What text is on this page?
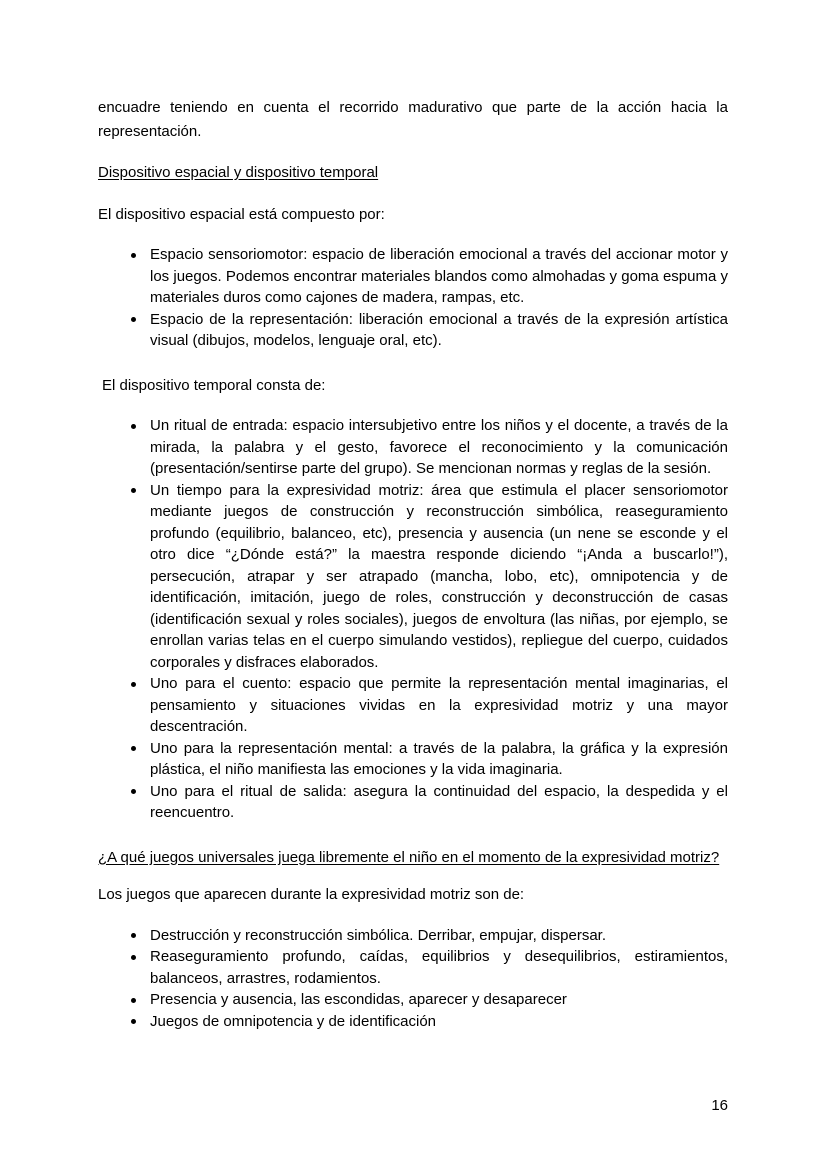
encuadre teniendo en cuenta el recorrido madurativo que parte de la acción hacia la representación.

Dispositivo espacial y dispositivo temporal

El dispositivo espacial está compuesto por:

Espacio sensoriomotor: espacio de liberación emocional a través del accionar motor y los juegos. Podemos encontrar materiales blandos como almohadas y goma espuma y materiales duros como cajones de madera, rampas, etc.
Espacio de la representación: liberación emocional a través de la expresión artística visual (dibujos, modelos, lenguaje oral, etc).

El dispositivo temporal consta de:

Un ritual de entrada: espacio intersubjetivo entre los niños y el docente, a través de la mirada, la palabra y el gesto, favorece el reconocimiento y la comunicación (presentación/sentirse parte del grupo). Se mencionan normas y reglas de la sesión.
Un tiempo para la expresividad motriz: área que estimula el placer sensoriomotor mediante juegos de construcción y reconstrucción simbólica, reaseguramiento profundo (equilibrio, balanceo, etc), presencia y ausencia (un nene se esconde y el otro dice “¿Dónde está?” la maestra responde diciendo “¡Anda a buscarlo!”), persecución, atrapar y ser atrapado (mancha, lobo, etc), omnipotencia y de identificación, imitación, juego de roles, construcción y deconstrucción de casas (identificación sexual y roles sociales), juegos de envoltura (las niñas, por ejemplo, se enrollan varias telas en el cuerpo simulando vestidos), repliegue del cuerpo, cuidados corporales y disfraces elaborados.
Uno para el cuento: espacio que permite la representación mental imaginarias, el pensamiento y situaciones vividas en la expresividad motriz y una mayor descentración.
Uno para la representación mental: a través de la palabra, la gráfica y la expresión plástica, el niño manifiesta las emociones y la vida imaginaria.
Uno para el ritual de salida: asegura la continuidad del espacio, la despedida y el reencuentro.
¿A qué juegos universales juega libremente el niño en el momento de la expresividad motriz?

Los juegos que aparecen durante la expresividad motriz son de:

Destrucción y reconstrucción simbólica. Derribar, empujar, dispersar.
Reaseguramiento profundo, caídas, equilibrios y desequilibrios, estiramientos, balanceos, arrastres, rodamientos.
Presencia y ausencia, las escondidas, aparecer y desaparecer
Juegos de omnipotencia y de identificación
16
